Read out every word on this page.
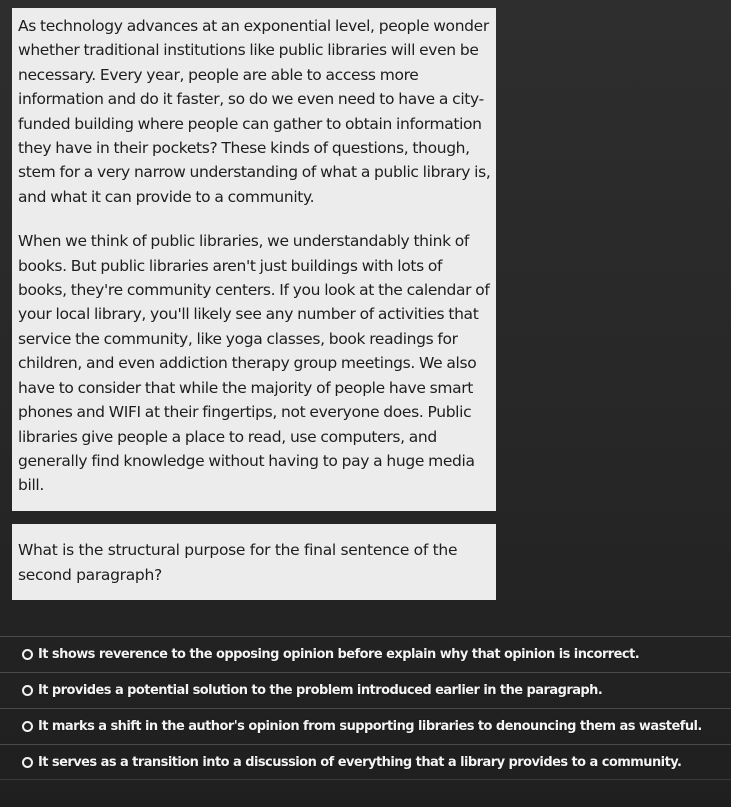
As technology advances at an exponential level, people wonder whether traditional institutions like public libraries will even be necessary. Every year, people are able to access more information and do it faster, so do we even need to have a city-funded building where people can gather to obtain information they have in their pockets? These kinds of questions, though, stem for a very narrow understanding of what a public library is, and what it can provide to a community.

When we think of public libraries, we understandably think of books. But public libraries aren't just buildings with lots of books, they're community centers. If you look at the calendar of your local library, you'll likely see any number of activities that service the community, like yoga classes, book readings for children, and even addiction therapy group meetings. We also have to consider that while the majority of people have smart phones and WIFI at their fingertips, not everyone does. Public libraries give people a place to read, use computers, and generally find knowledge without having to pay a huge media bill.

What is the structural purpose for the final sentence of the second paragraph?

It shows reverence to the opposing opinion before explain why that opinion is incorrect.
It provides a potential solution to the problem introduced earlier in the paragraph.
It marks a shift in the author's opinion from supporting libraries to denouncing them as wasteful.
It serves as a transition into a discussion of everything that a library provides to a community.
